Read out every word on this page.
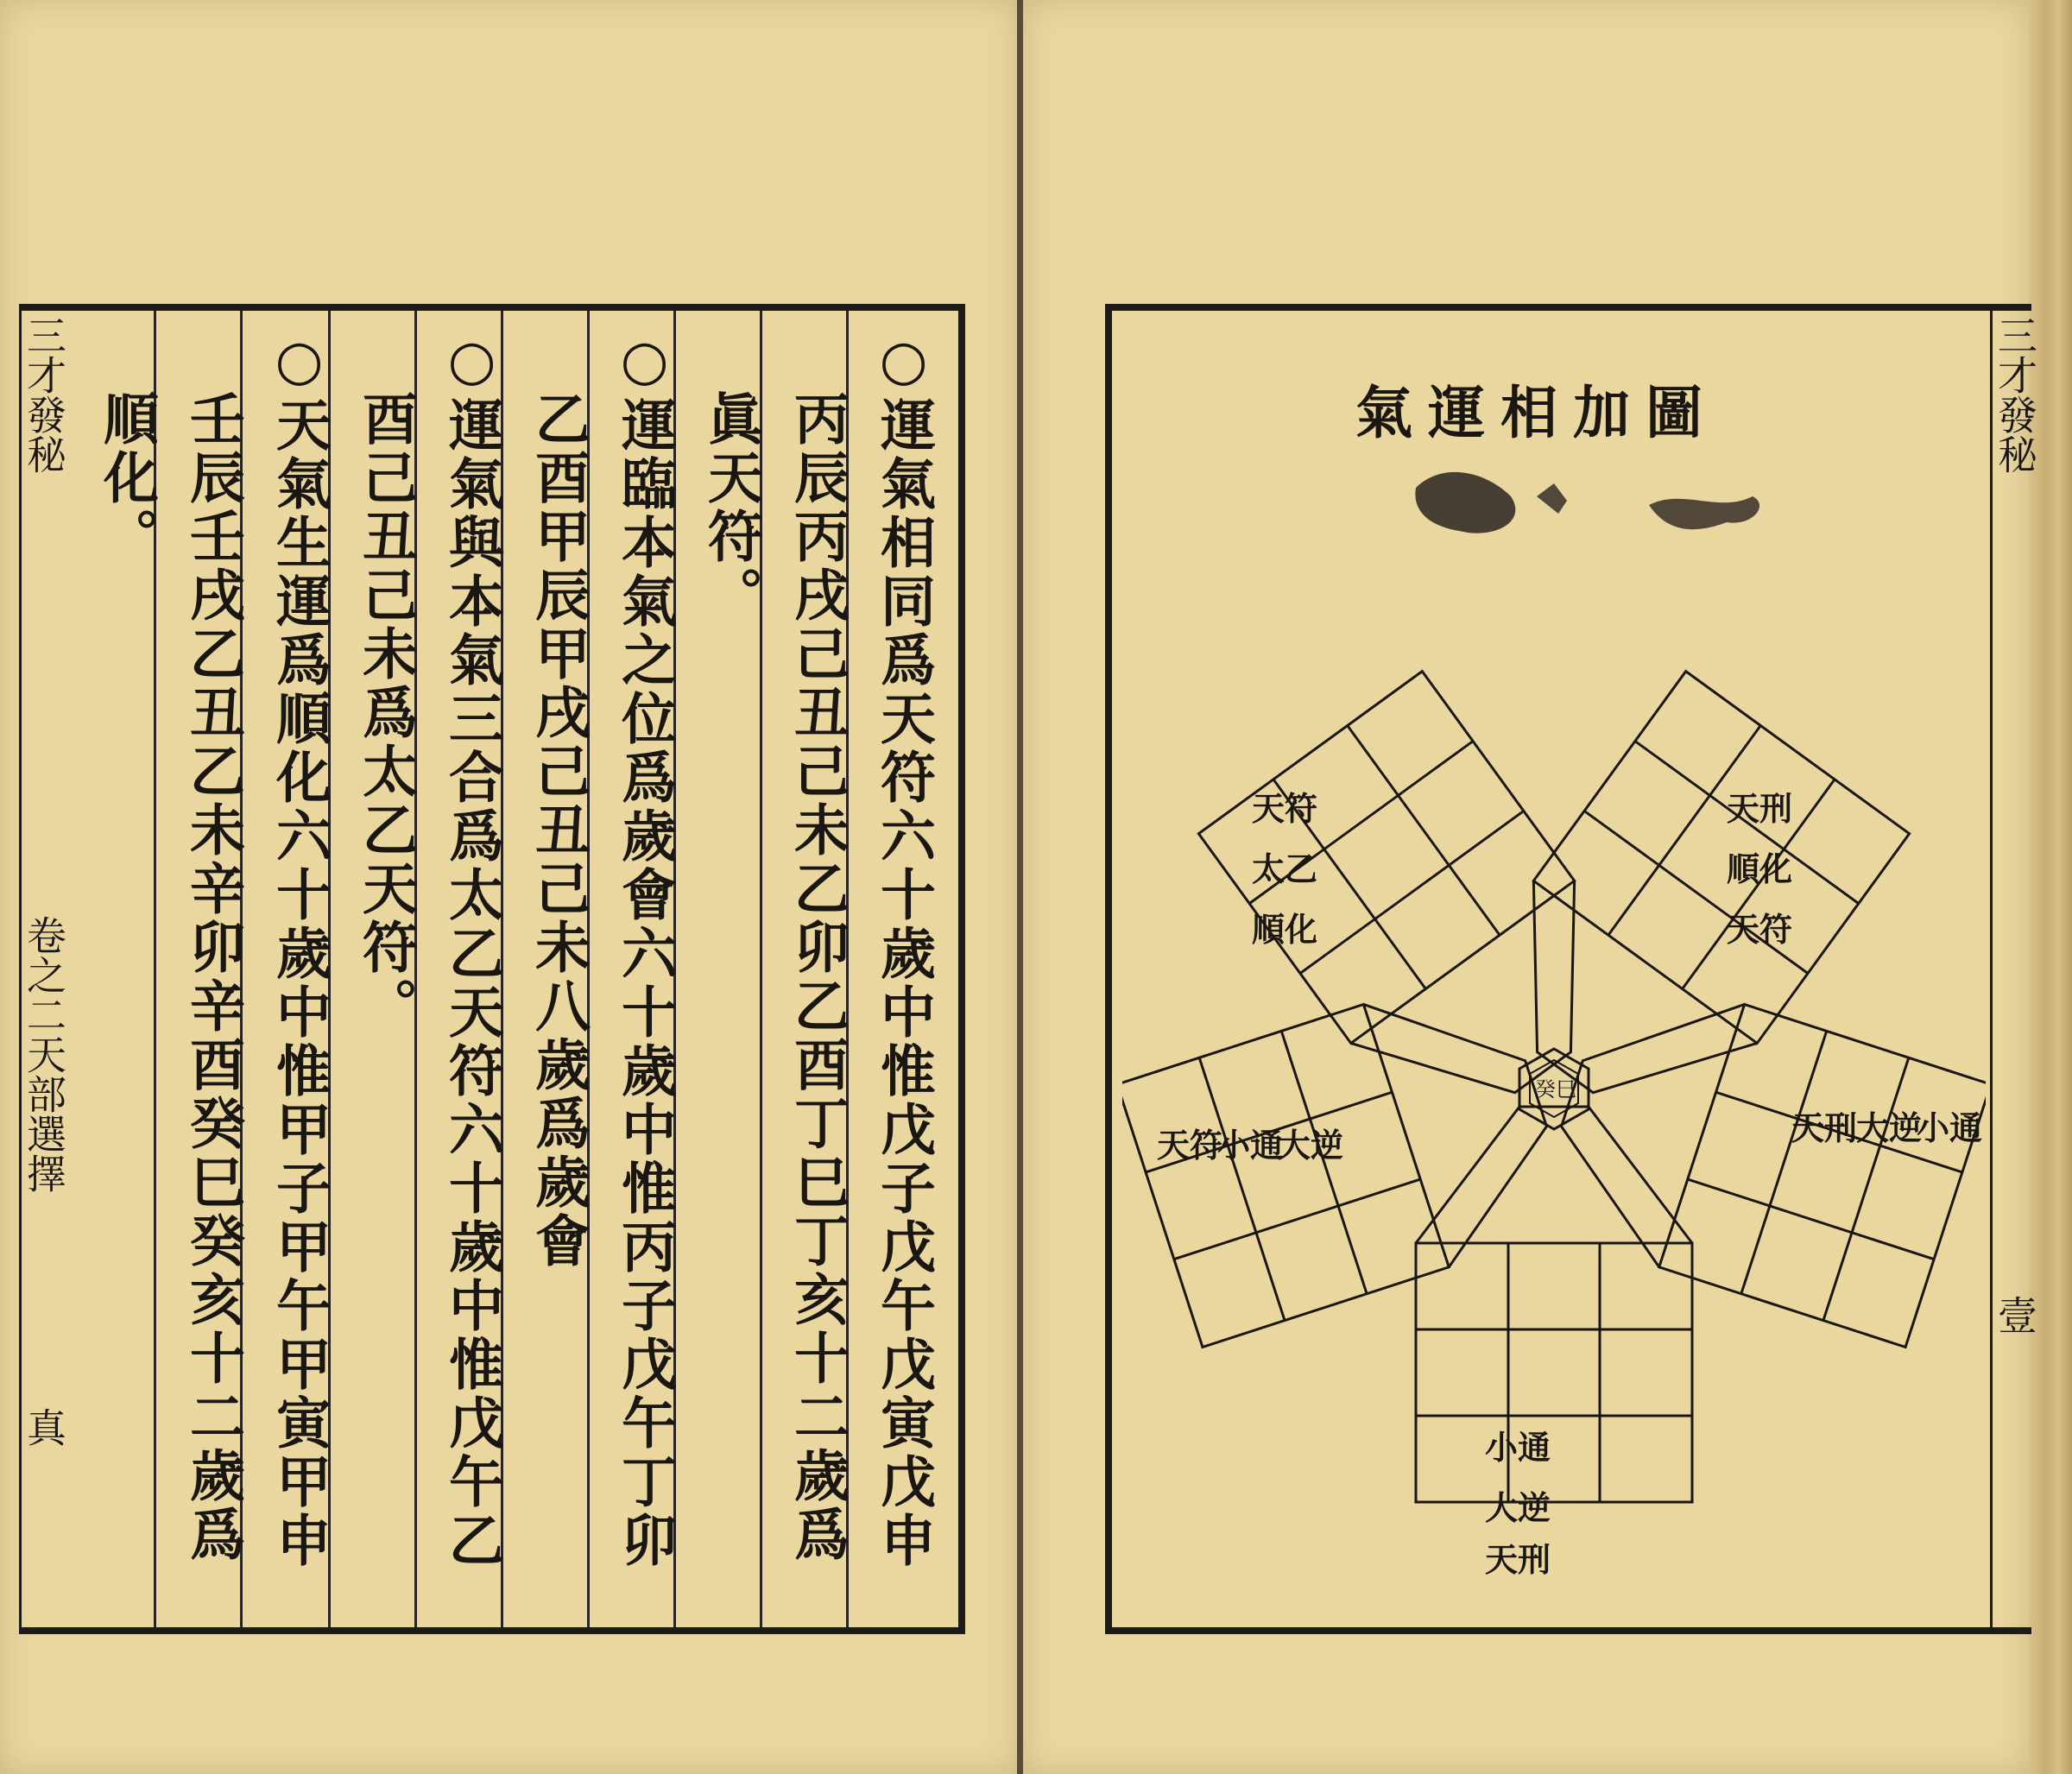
三才發秘
卷之二天部選擇
真
○
運氣相同爲天符六十歲中惟戊子戊午戊寅戊申
丙辰丙戌己丑己未乙卯乙酉丁巳丁亥十二歲爲
眞天符。
○
運臨本氣之位爲歲會六十歲中惟丙子戊午丁卯
乙酉甲辰甲戌己丑己未八歲爲歲會
○
運氣與本氣三合爲太乙天符六十歲中惟戊午乙
酉己丑己未爲太乙天符。
○
天氣生運爲順化六十歲中惟甲子甲午甲寅甲申
壬辰壬戌乙丑乙未辛卯辛酉癸巳癸亥十二歲爲
順化。	三才發秘
壹
氣運相加圖
小通
大逆
天刑
天符
小通
大逆
天符
太乙
順化
天刑
順化
天符
小通
大逆
天刑
癸巳
